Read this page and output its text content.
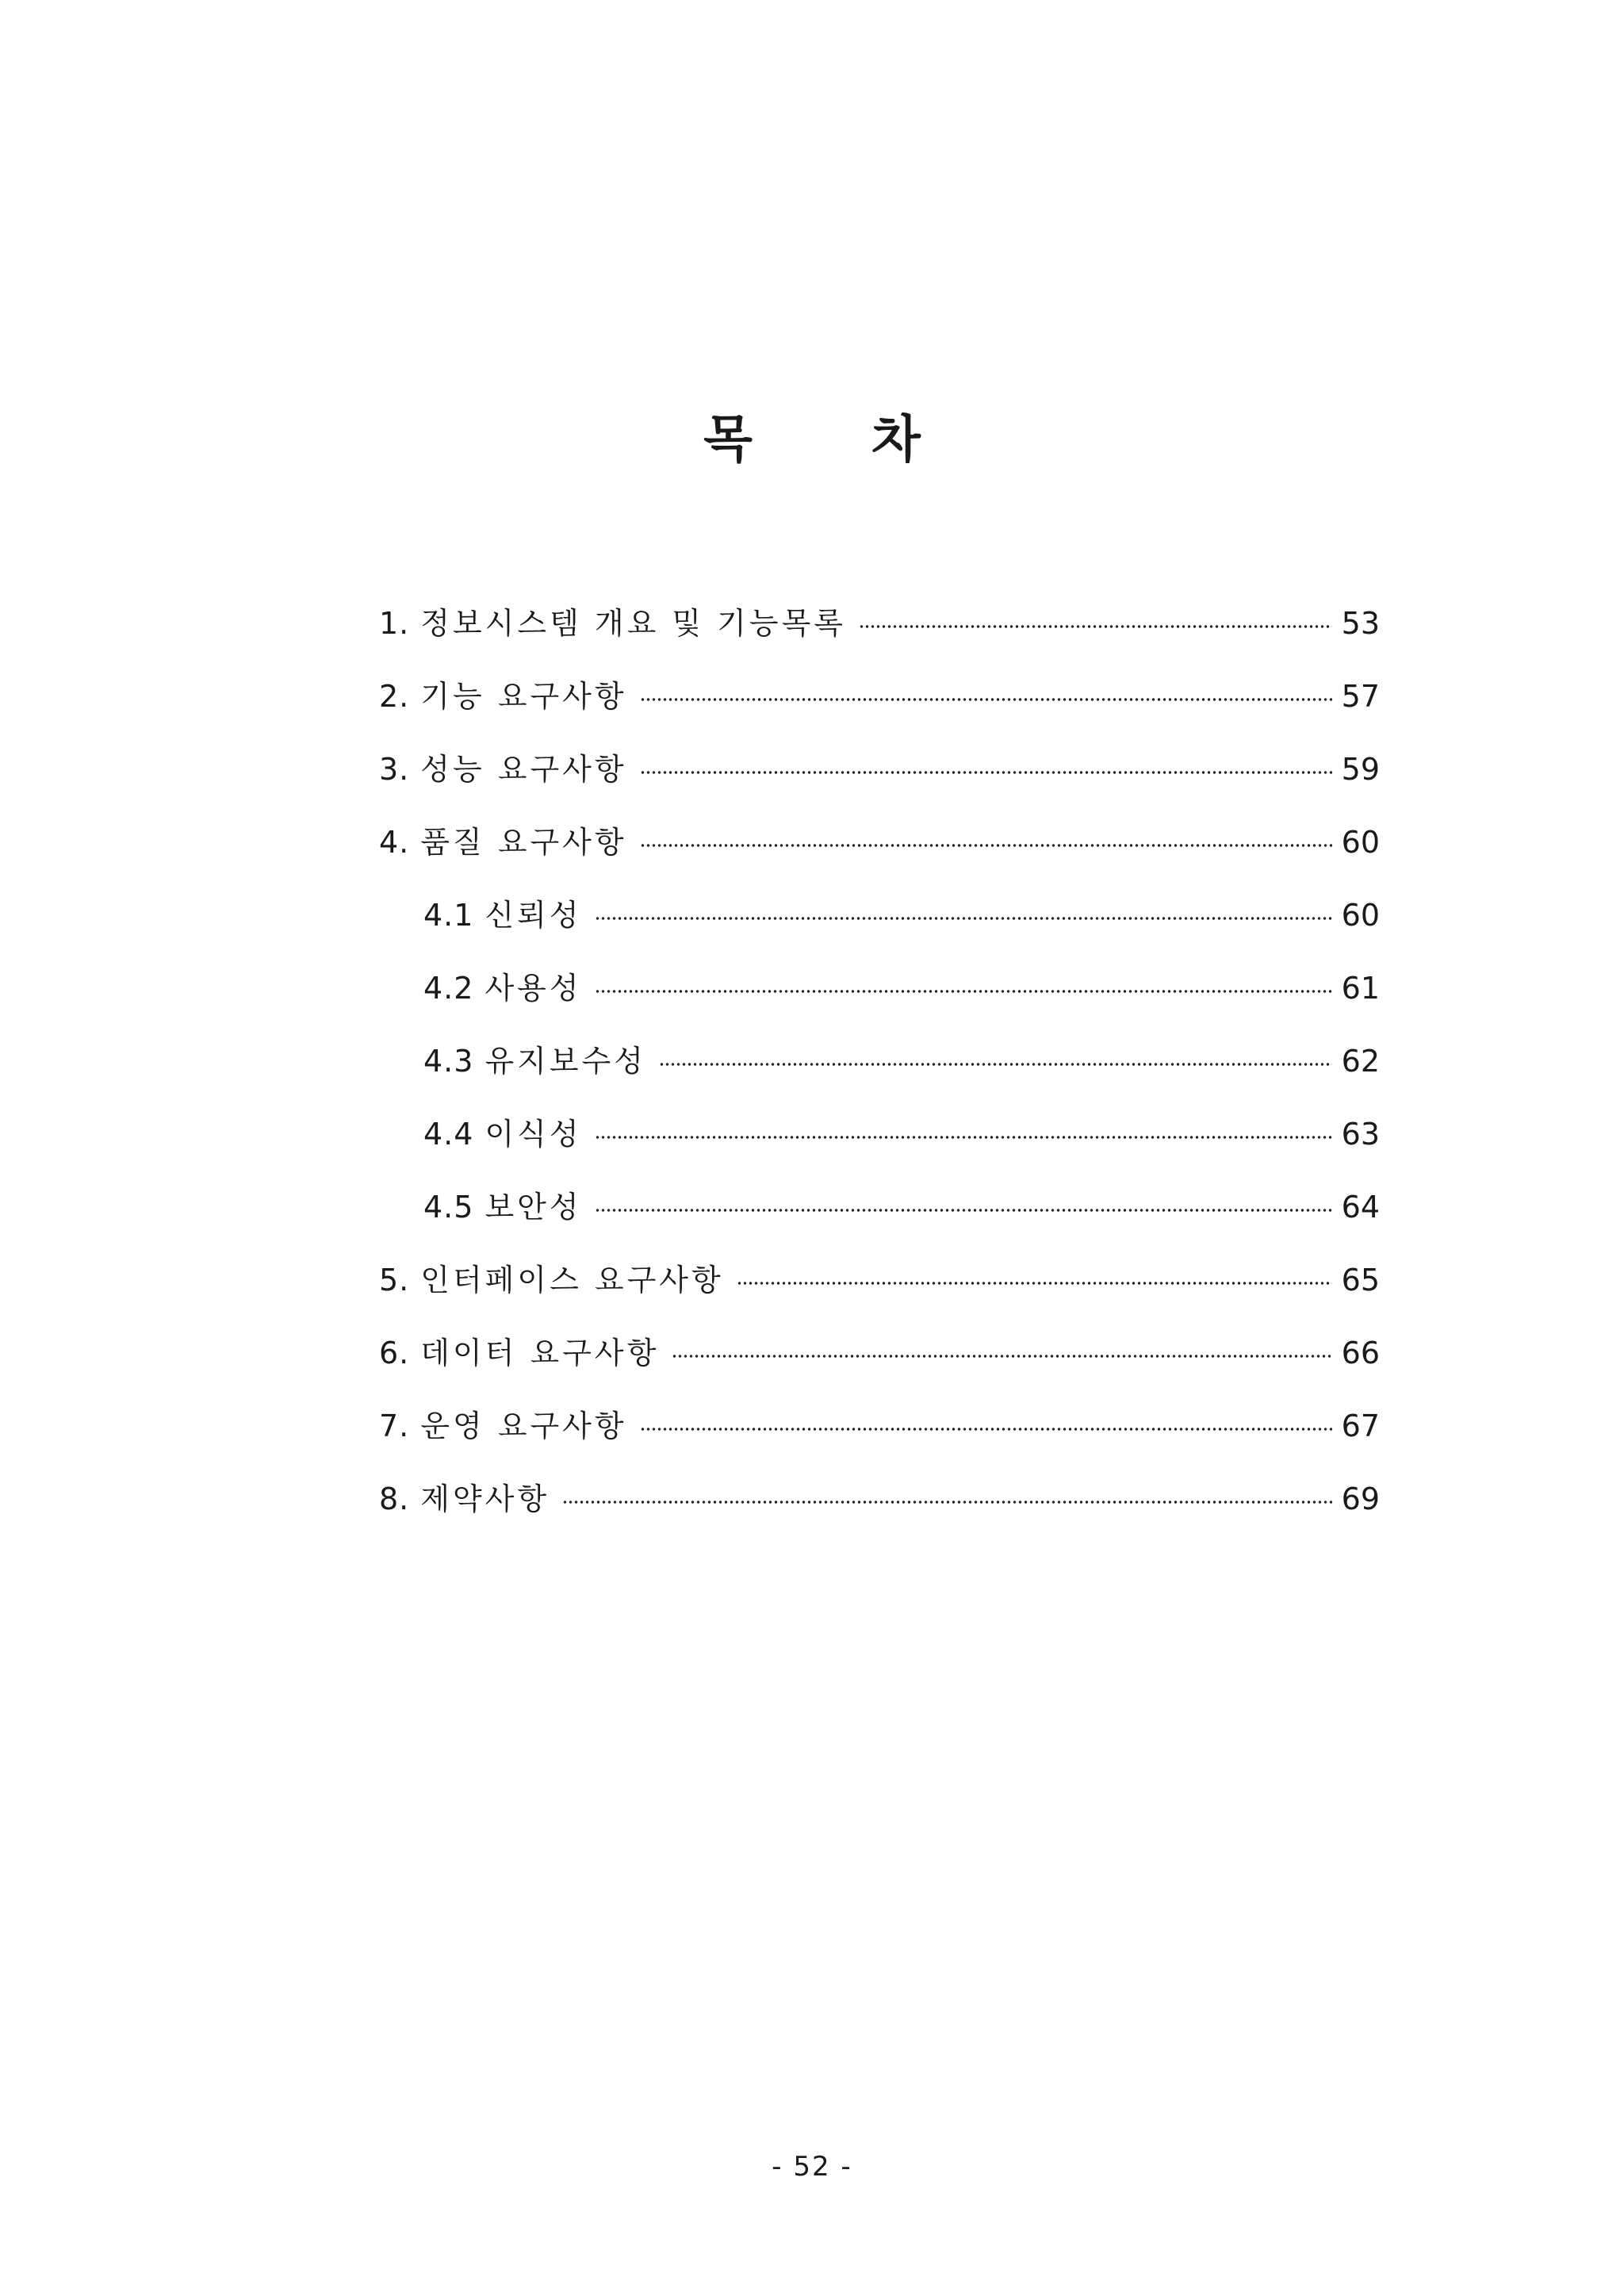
목 차
1. 정보시스템 개요 및 기능목록	53
2. 기능 요구사항	57
3. 성능 요구사항	59
4. 품질 요구사항	60
4.1 신뢰성	60
4.2 사용성	61
4.3 유지보수성	62
4.4 이식성	63
4.5 보안성	64
5. 인터페이스 요구사항	65
6. 데이터 요구사항	66
7. 운영 요구사항	67
8. 제약사항	69
- 52 -
